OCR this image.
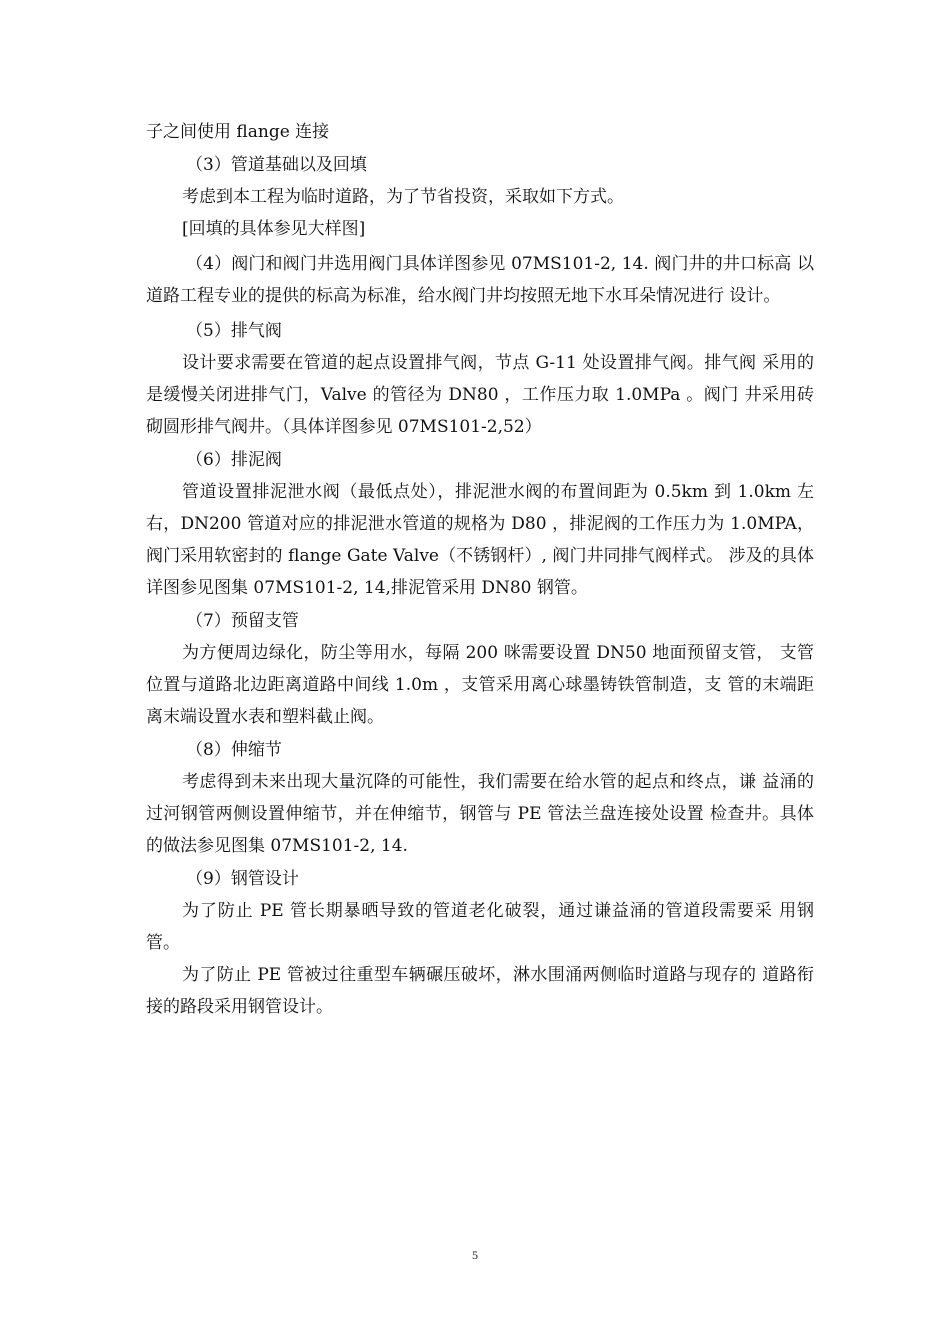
子之间使用 flange 连接

（3）管道基础以及回填

考虑到本工程为临时道路，为了节省投资，采取如下方式。

[回填的具体参见大样图]

（4）阀门和阀门井选用阀门具体详图参见 07MS101-2, 14. 阀门井的井口标高 以道路工程专业的提供的标高为标准，给水阀门井均按照无地下水耳朵情况进行 设计。

（5）排气阀

设计要求需要在管道的起点设置排气阀，节点 G-11 处设置排气阀。排气阀 采用的是缓慢关闭进排气门，Valve 的管径为 DN80 ，工作压力取 1.0MPa 。阀门 井采用砖砌圆形排气阀井。（具体详图参见 07MS101-2,52）

（6）排泥阀

管道设置排泥泄水阀（最低点处），排泥泄水阀的布置间距为 0.5km 到 1.0km 左右，DN200 管道对应的排泥泄水管道的规格为 D80 ，排泥阀的工作压力为 1.0MPA，阀门采用软密封的 flange Gate Valve（不锈钢杆）, 阀门井同排气阀样式。 涉及的具体详图参见图集 07MS101-2, 14,排泥管采用 DN80 钢管。

（7）预留支管

为方便周边绿化，防尘等用水，每隔 200 咪需要设置 DN50 地面预留支管， 支管位置与道路北边距离道路中间线 1.0m ，支管采用离心球墨铸铁管制造，支 管的末端距离末端设置水表和塑料截止阀。

（8）伸缩节

考虑得到未来出现大量沉降的可能性，我们需要在给水管的起点和终点，谦 益涌的过河钢管两侧设置伸缩节，并在伸缩节，钢管与 PE 管法兰盘连接处设置 检查井。具体的做法参见图集 07MS101-2, 14.

（9）钢管设计

为了防止 PE 管长期暴晒导致的管道老化破裂，通过谦益涌的管道段需要采 用钢管。

为了防止 PE 管被过往重型车辆碾压破坏，淋水围涌两侧临时道路与现存的 道路衔接的路段采用钢管设计。

5
